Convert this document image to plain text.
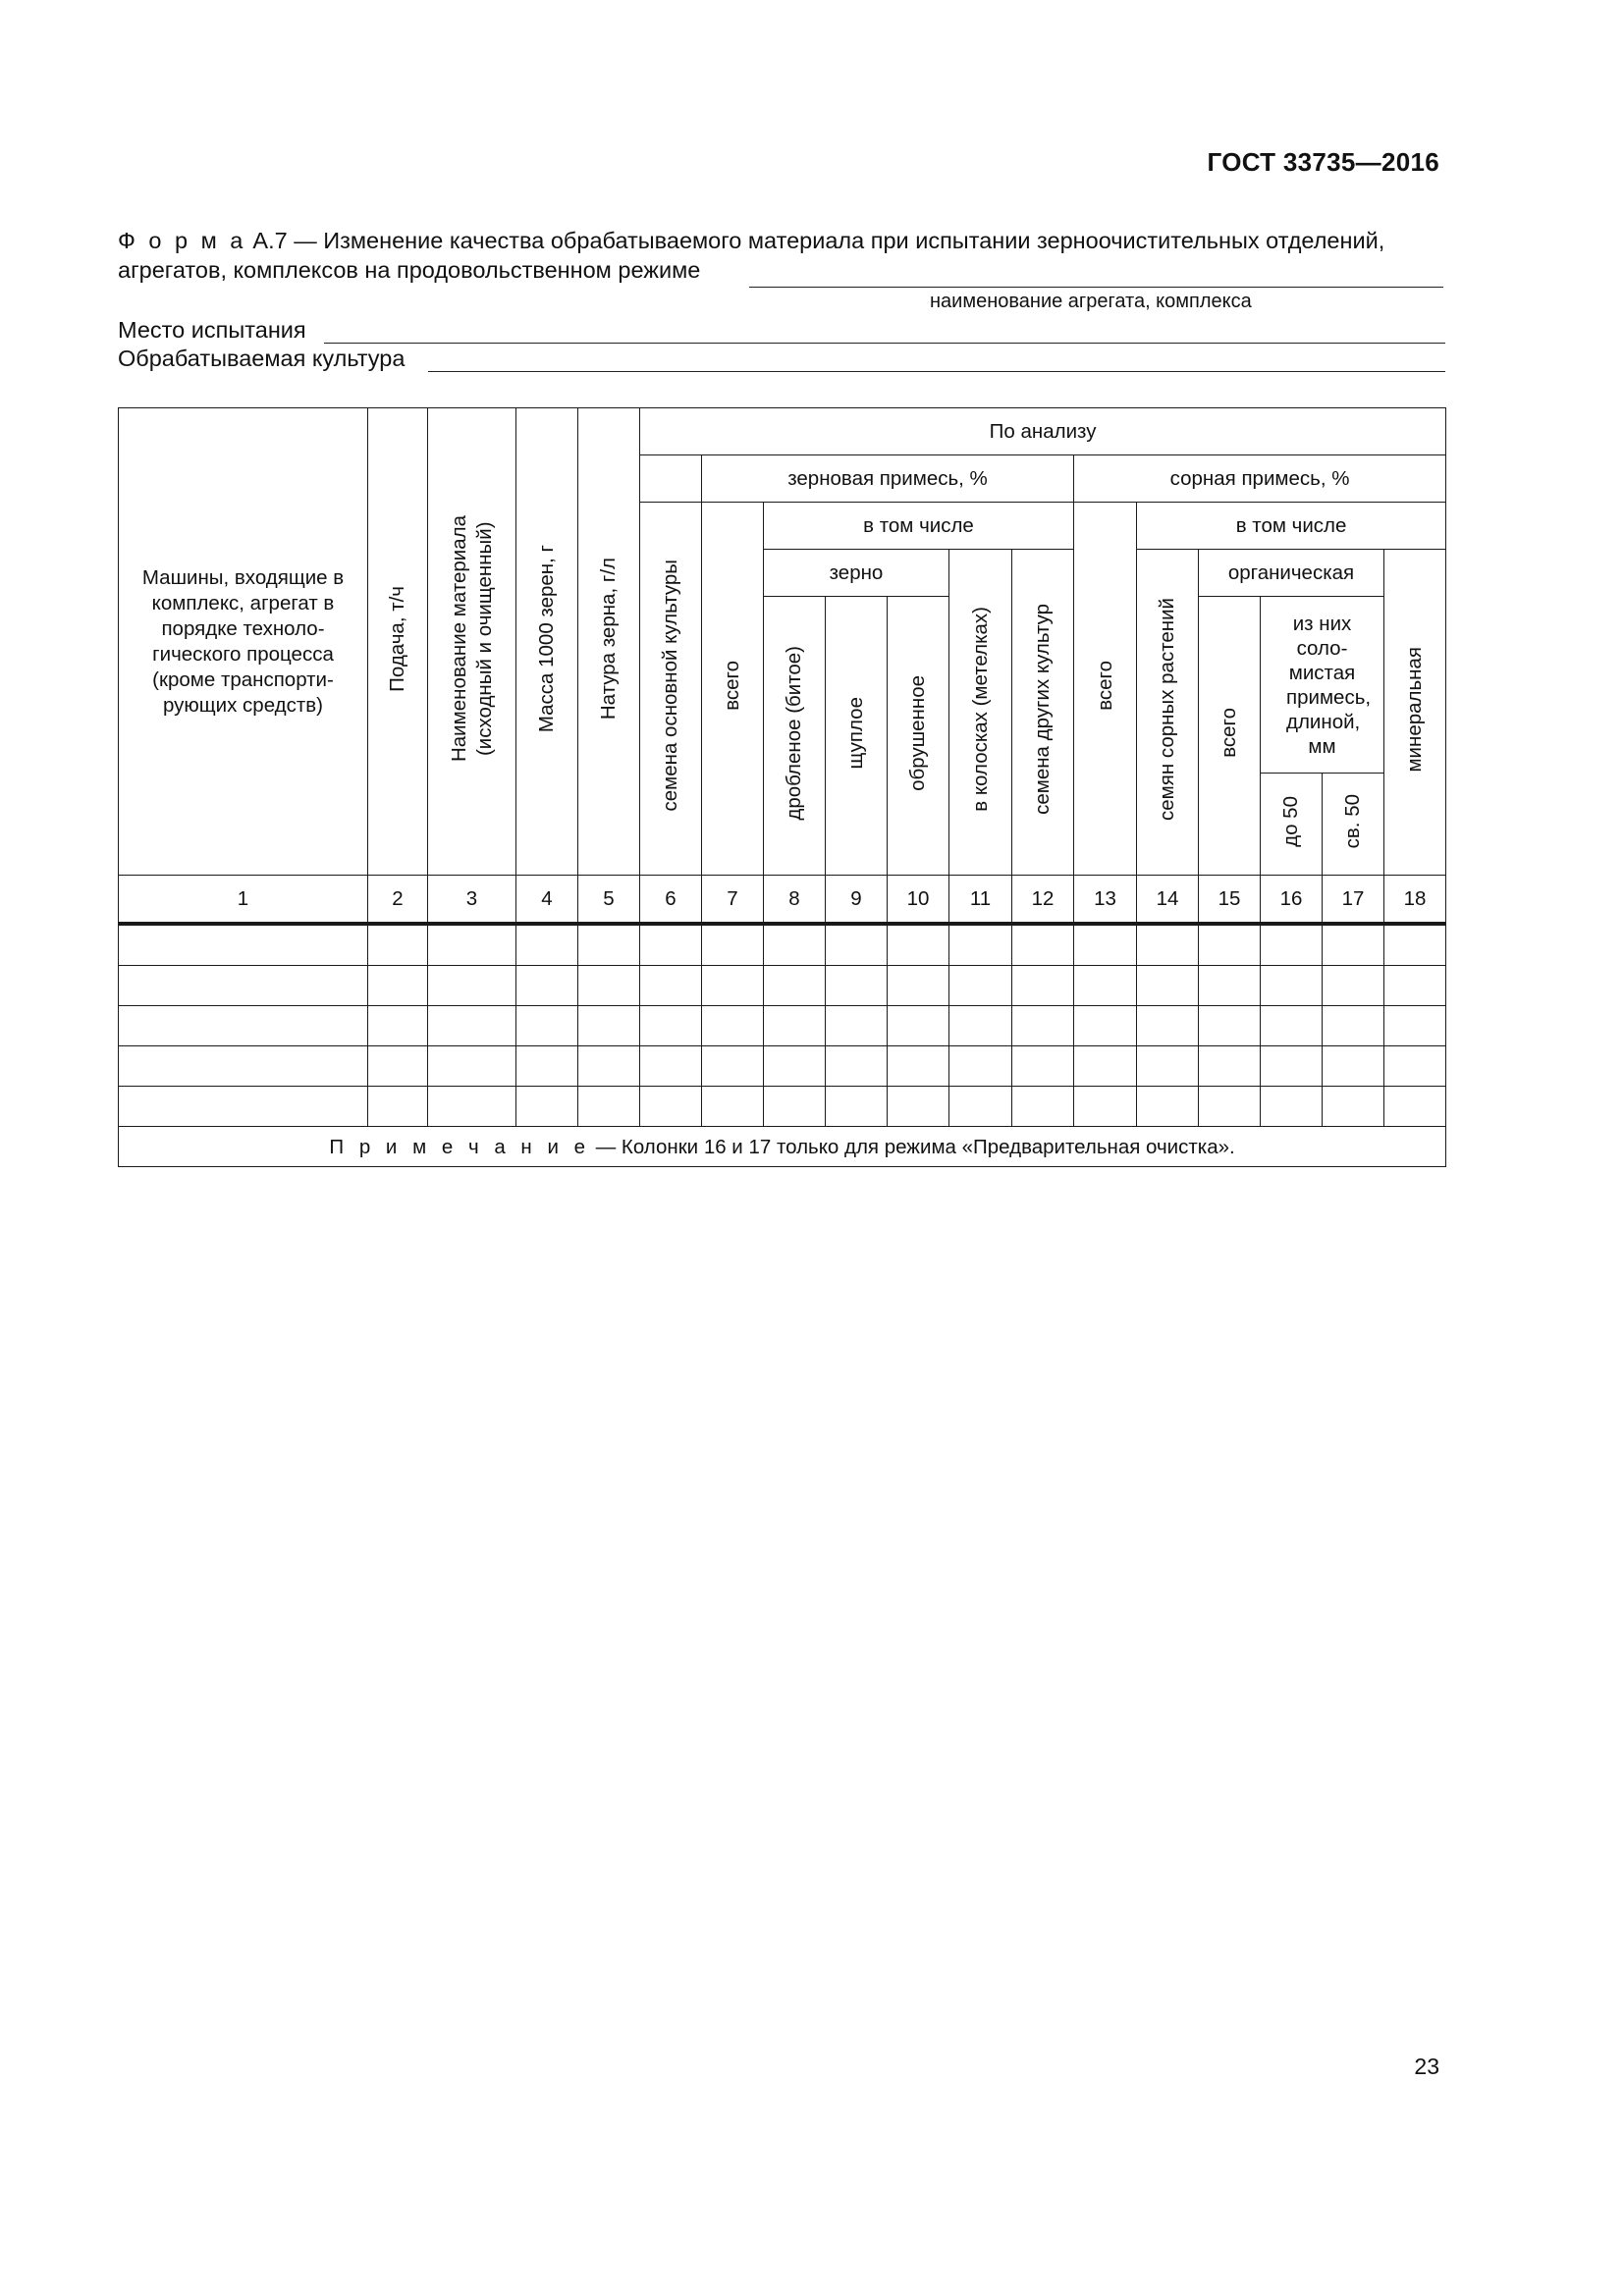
ГОСТ 33735—2016
Ф о р м а А.7 — Изменение качества обрабатываемого материала при испытании зерноочистительных отделений, агрегатов, комплексов на продовольственном режиме
наименование агрегата, комплекса
Место испытания
Обрабатываемая культура
Машины, входящие в комплекс, агрегат в порядке техноло-гического процесса (кроме транспорти-рующих средств)	Подача, т/ч	Наименование материала (исходный и очищенный)	Масса 1000 зерен, г	Натура зерна, г/л	По анализу												
						зерновая примесь, %						сорная примесь, %					
					семена основной культуры	всего	в том числе					всего	в том числе				
							зерно			в колосках (метелках)	семена других культур		семян сорных растений	органическая			минеральная
							дробленое (битое)	щуплое	обрушенное					всего	из них соло-мистая примесь, длиной, мм		

															до 50	св. 50	
1	2	3	4	5	6	7	8	9	10	11	12	13	14	15	16	17	18

П р и м е ч а н и е — Колонки 16 и 17 только для режима «Предварительная очистка».																	
23
